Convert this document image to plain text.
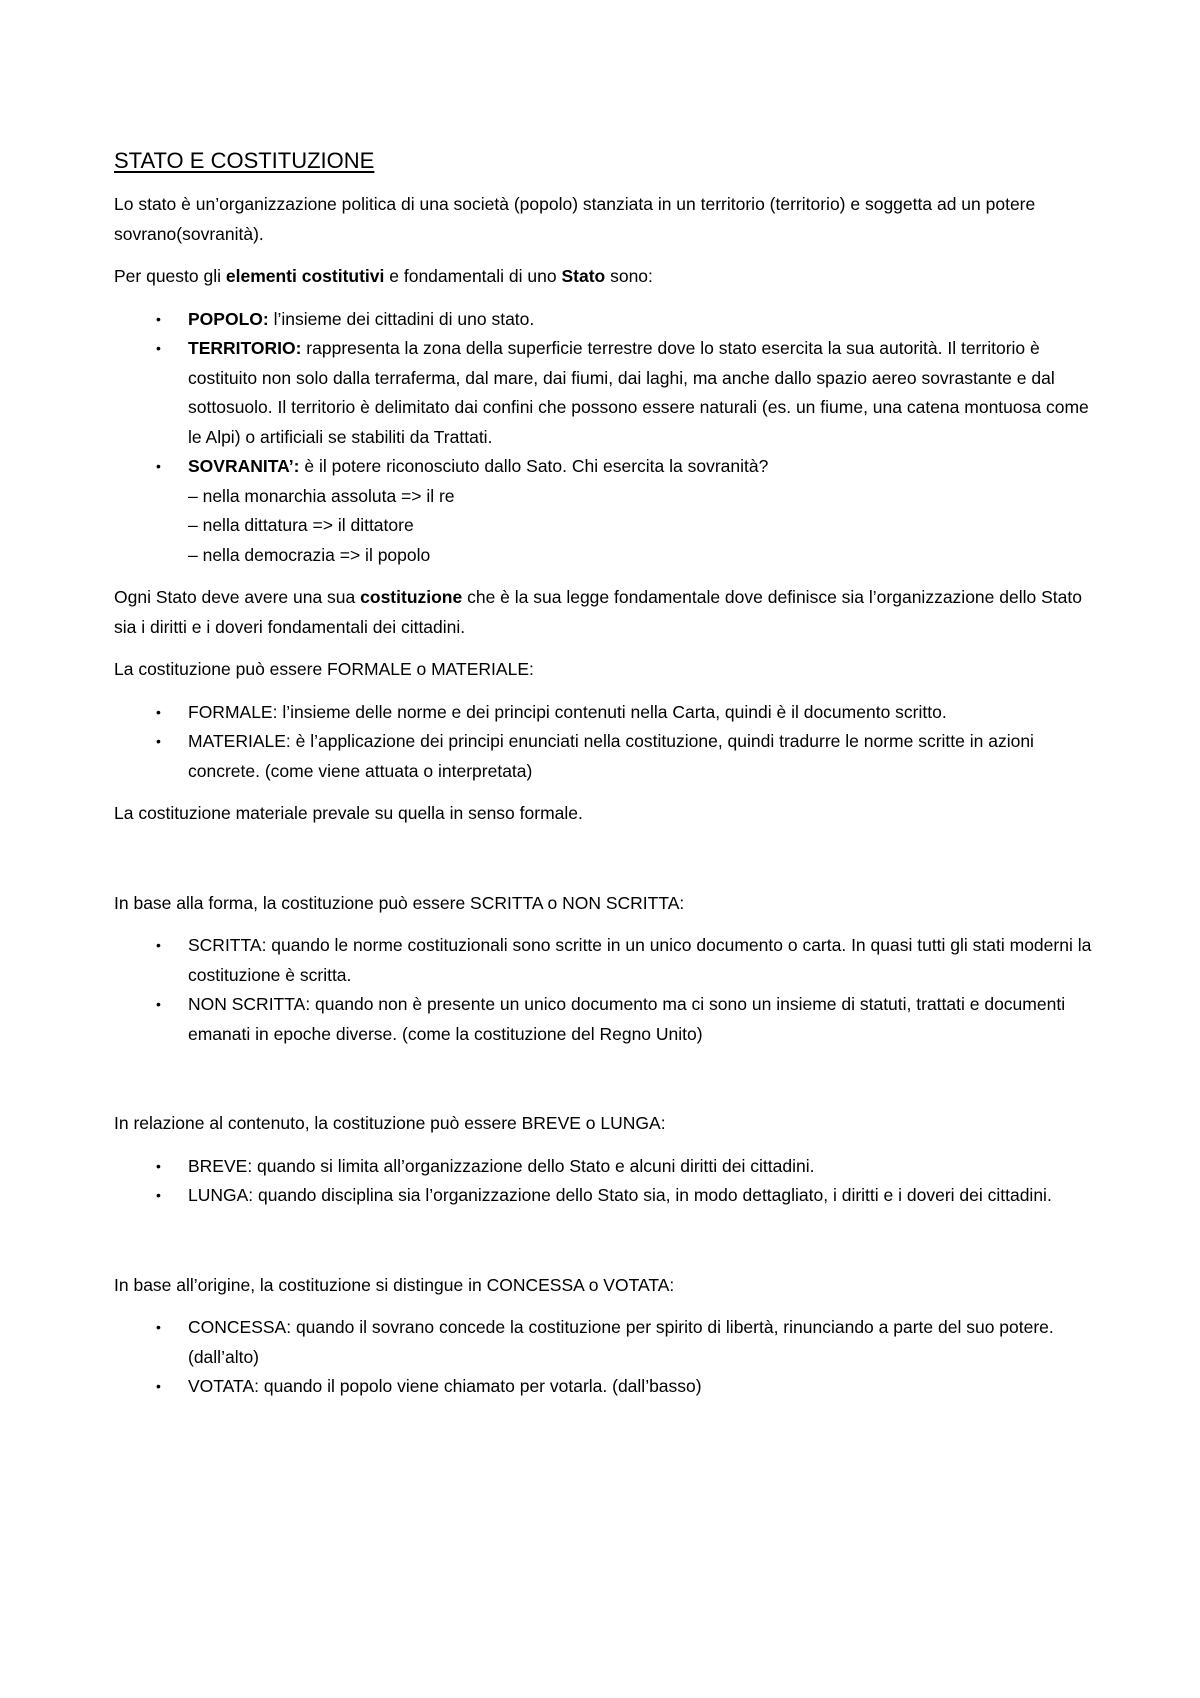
STATO E COSTITUZIONE

Lo stato è un’organizzazione politica di una società (popolo) stanziata in un territorio (territorio) e soggetta ad un potere sovrano(sovranità).

Per questo gli elementi costitutivi e fondamentali di uno Stato sono:

• POPOLO: l’insieme dei cittadini di uno stato.
• TERRITORIO: rappresenta la zona della superficie terrestre dove lo stato esercita la sua autorità. Il territorio è costituito non solo dalla terraferma, dal mare, dai fiumi, dai laghi, ma anche dallo spazio aereo sovrastante e dal sottosuolo. Il territorio è delimitato dai confini che possono essere naturali (es. un fiume, una catena montuosa come le Alpi) o artificiali se stabiliti da Trattati.
• SOVRANITA’: è il potere riconosciuto dallo Sato. Chi esercita la sovranità?
– nella monarchia assoluta => il re
– nella dittatura => il dittatore
– nella democrazia => il popolo

Ogni Stato deve avere una sua costituzione che è la sua legge fondamentale dove definisce sia l’organizzazione dello Stato sia i diritti e i doveri fondamentali dei cittadini.

La costituzione può essere FORMALE o MATERIALE:

• FORMALE: l’insieme delle norme e dei principi contenuti nella Carta, quindi è il documento scritto.
• MATERIALE: è l’applicazione dei principi enunciati nella costituzione, quindi tradurre le norme scritte in azioni concrete. (come viene attuata o interpretata)

La costituzione materiale prevale su quella in senso formale.

In base alla forma, la costituzione può essere SCRITTA o NON SCRITTA:

• SCRITTA: quando le norme costituzionali sono scritte in un unico documento o carta. In quasi tutti gli stati moderni la costituzione è scritta.
• NON SCRITTA: quando non è presente un unico documento ma ci sono un insieme di statuti, trattati e documenti emanati in epoche diverse. (come la costituzione del Regno Unito)

In relazione al contenuto, la costituzione può essere BREVE o LUNGA:

• BREVE: quando si limita all’organizzazione dello Stato e alcuni diritti dei cittadini.
• LUNGA: quando disciplina sia l’organizzazione dello Stato sia, in modo dettagliato, i diritti e i doveri dei cittadini.

In base all’origine, la costituzione si distingue in CONCESSA o VOTATA:

• CONCESSA: quando il sovrano concede la costituzione per spirito di libertà, rinunciando a parte del suo potere. (dall’alto)
• VOTATA: quando il popolo viene chiamato per votarla. (dall’basso)
